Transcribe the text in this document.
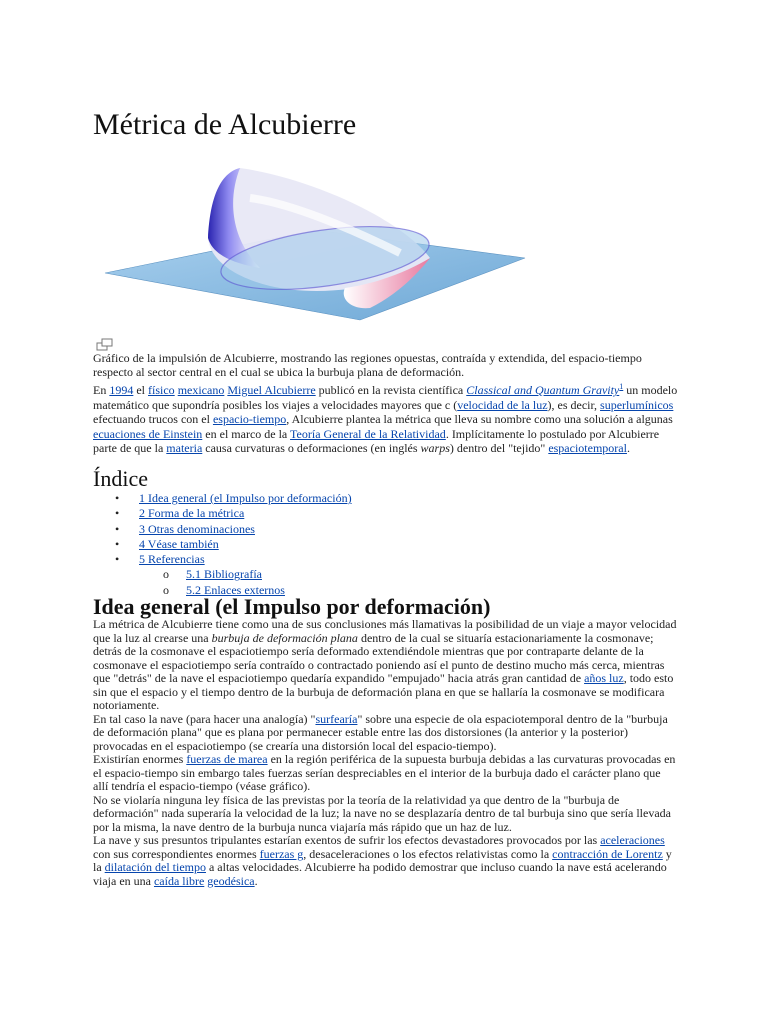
Métrica de Alcubierre
Gráfico de la impulsión de Alcubierre, mostrando las regiones opuestas, contraída y extendida, del espacio-tiempo respecto al sector central en el cual se ubica la burbuja plana de deformación.
En 1994 el físico mexicano Miguel Alcubierre publicó en la revista científica Classical and Quantum Gravity$^1$ un modelo matemático que supondría posibles los viajes a velocidades mayores que c (velocidad de la luz), es decir, superlumínicos efectuando trucos con el espacio-tiempo, Alcubierre plantea la métrica que lleva su nombre como una solución a algunas ecuaciones de Einstein en el marco de la Teoría General de la Relatividad. Implícitamente lo postulado por Alcubierre parte de que la materia causa curvaturas o deformaciones (en inglés warps) dentro del "tejido" espaciotemporal.
Índice
• 1 Idea general (el Impulso por deformación)
• 2 Forma de la métrica
• 3 Otras denominaciones
• 4 Véase también
• 5 Referencias
o 5.1 Bibliografía
o 5.2 Enlaces externos
Idea general (el Impulso por deformación)

La métrica de Alcubierre tiene como una de sus conclusiones más llamativas la posibilidad de un viaje a mayor velocidad que la luz al crearse una burbuja de deformación plana dentro de la cual se situaría estacionariamente la cosmonave; detrás de la cosmonave el espaciotiempo sería deformado extendiéndole mientras que por contraparte delante de la cosmonave el espaciotiempo sería contraído o contractado poniendo así el punto de destino mucho más cerca, mientras que "detrás" de la nave el espaciotiempo quedaría expandido "empujado" hacia atrás gran cantidad de años luz, todo esto sin que el espacio y el tiempo dentro de la burbuja de deformación plana en que se hallaría la cosmonave se modificara notoriamente.

En tal caso la nave (para hacer una analogía) "surfearía" sobre una especie de ola espaciotemporal dentro de la "burbuja de deformación plana" que es plana por permanecer estable entre las dos distorsiones (la anterior y la posterior) provocadas en el espaciotiempo (se crearía una distorsión local del espacio-tiempo).

Existirían enormes fuerzas de marea en la región periférica de la supuesta burbuja debidas a las curvaturas provocadas en el espacio-tiempo sin embargo tales fuerzas serían despreciables en el interior de la burbuja dado el carácter plano que allí tendría el espacio-tiempo (véase gráfico).

No se violaría ninguna ley física de las previstas por la teoría de la relatividad ya que dentro de la "burbuja de deformación" nada superaría la velocidad de la luz; la nave no se desplazaría dentro de tal burbuja sino que sería llevada por la misma, la nave dentro de la burbuja nunca viajaría más rápido que un haz de luz.

La nave y sus presuntos tripulantes estarían exentos de sufrir los efectos devastadores provocados por las aceleraciones con sus correspondientes enormes fuerzas g, desaceleraciones o los efectos relativistas como la contracción de Lorentz y la dilatación del tiempo a altas velocidades. Alcubierre ha podido demostrar que incluso cuando la nave está acelerando viaja en una caída libre geodésica.
